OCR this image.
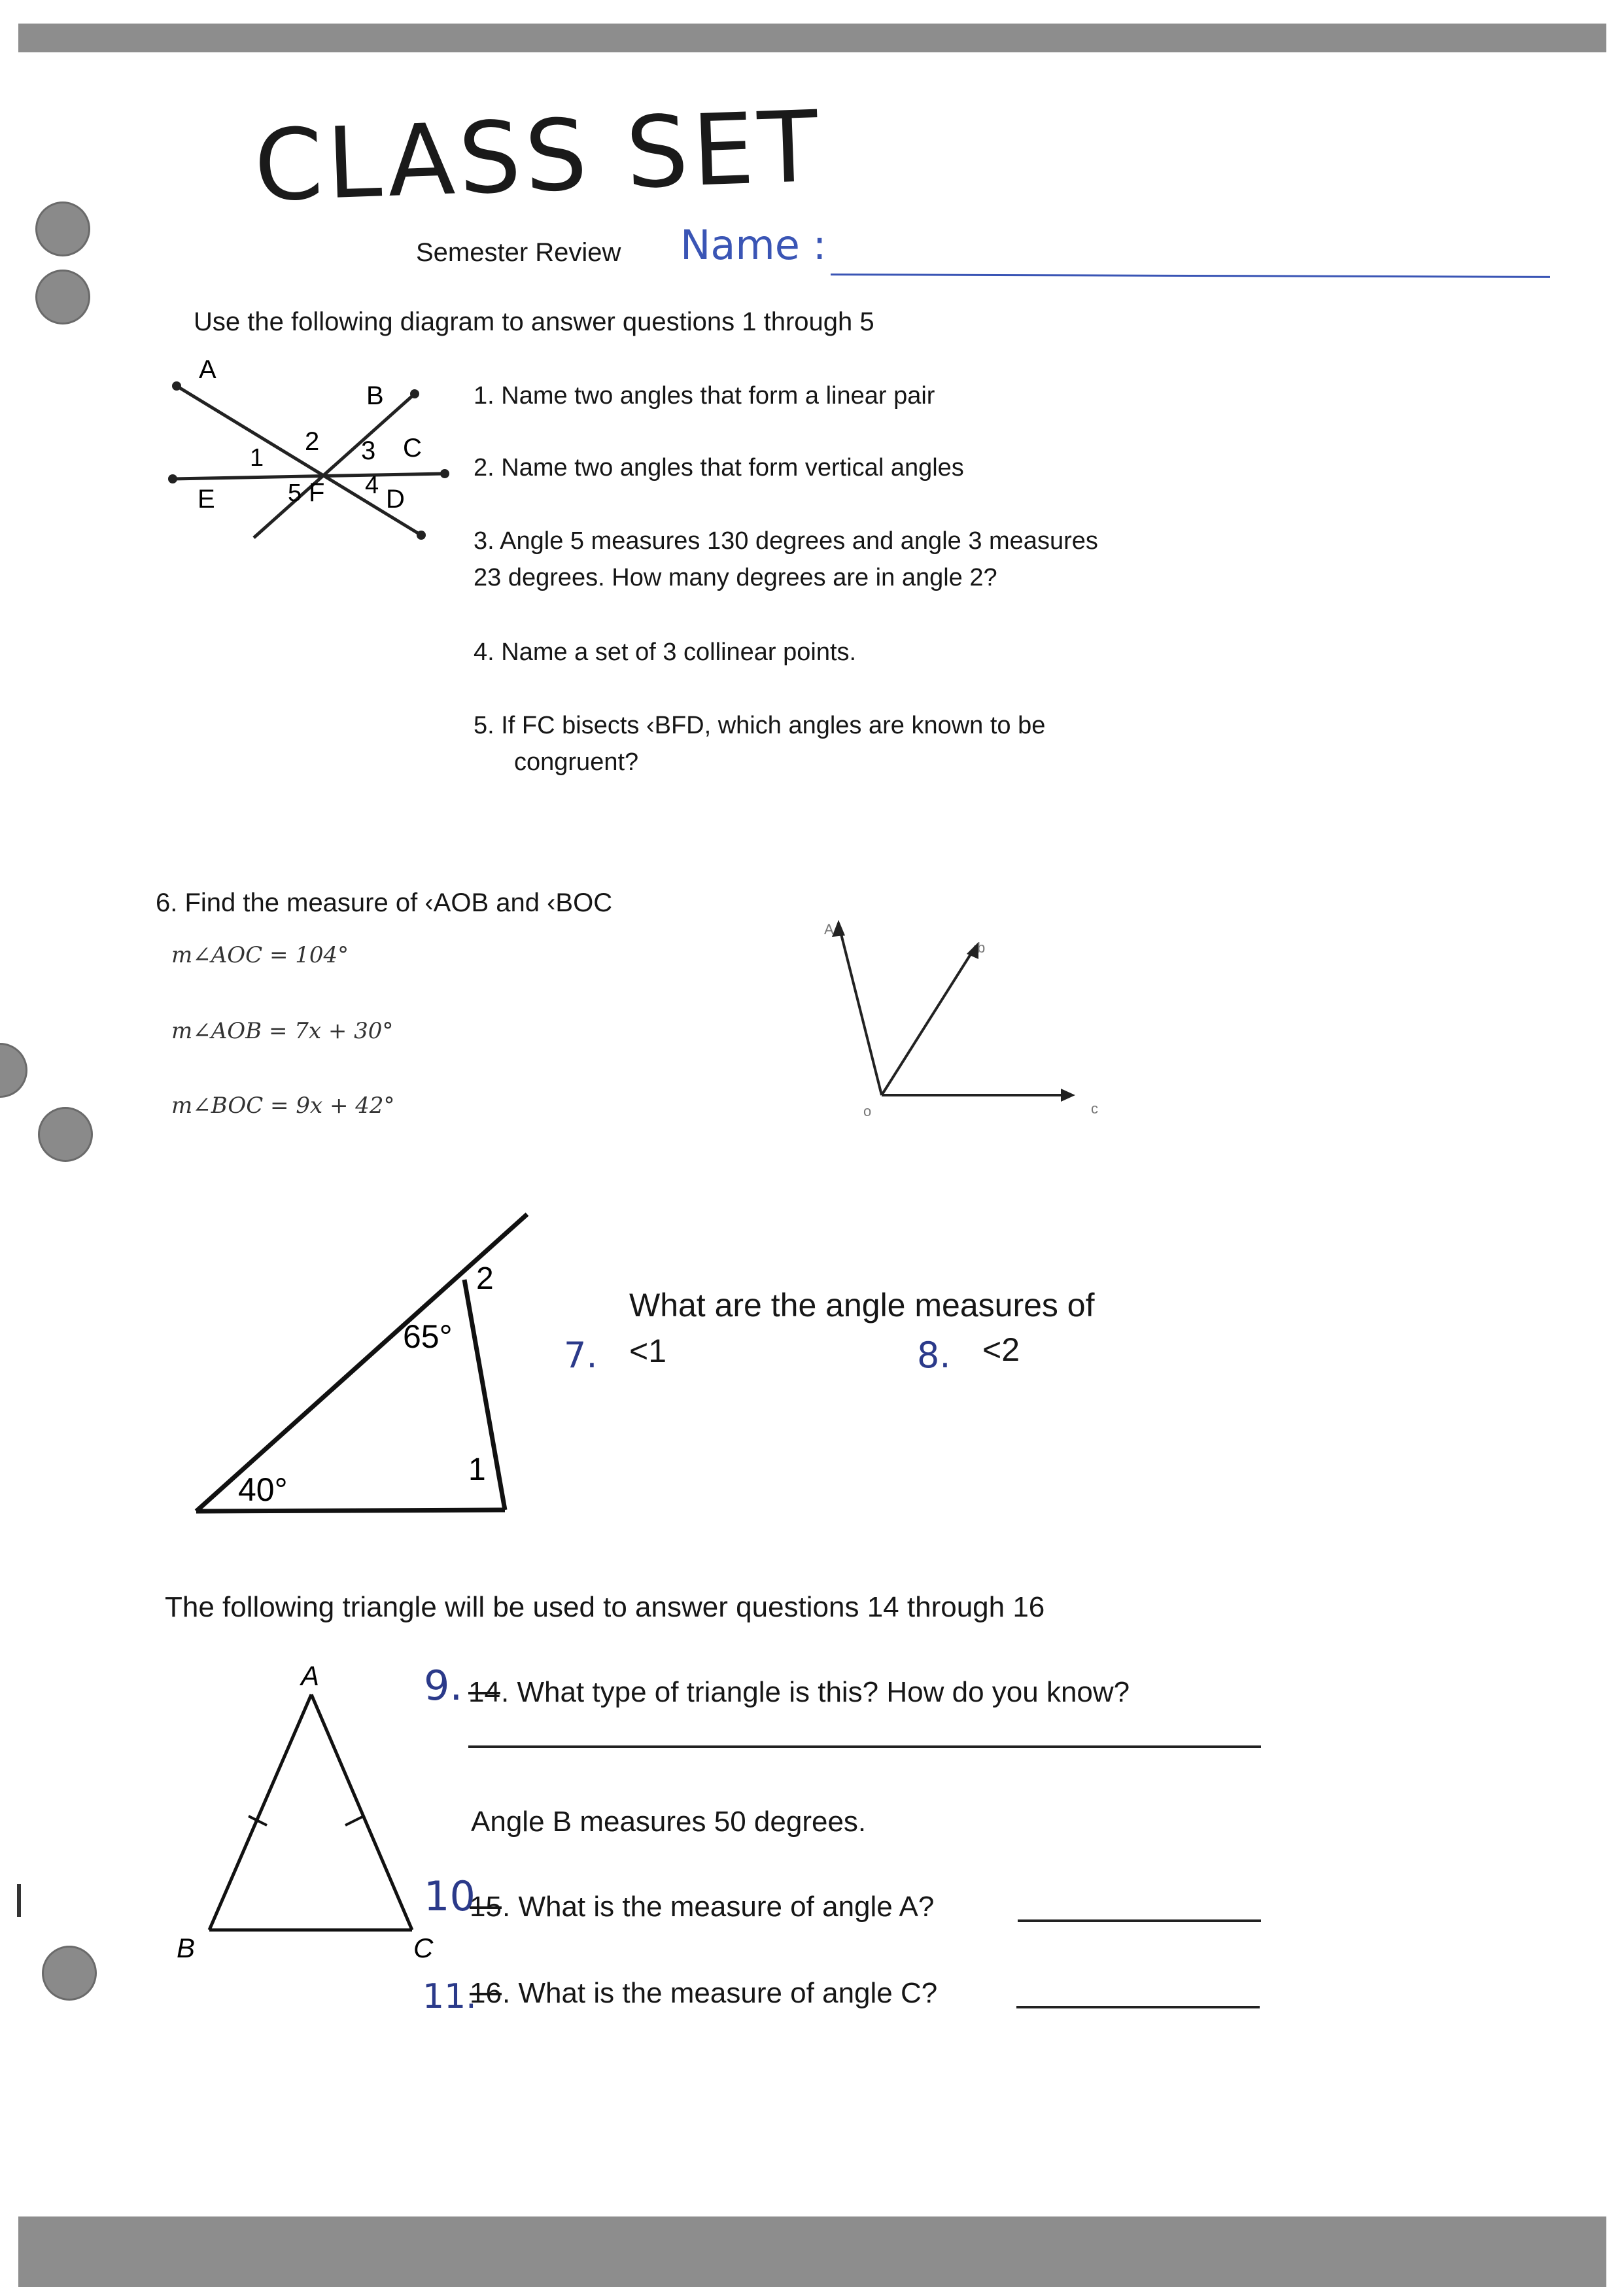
CLASS SET
Semester Review Name :
Use the following diagram to answer questions 1 through 5
A
B
C
D
E	F
1
2 3
4
5
1. Name two angles that form a linear pair
2. Name two angles that form vertical angles
3. Angle 5 measures 130 degrees and angle 3 measures
23 degrees. How many degrees are in angle 2?
4. Name a set of 3 collinear points.
5. If FC bisects ‹BFD, which angles are known to be
congruent?
6. Find the measure of ‹AOB and ‹BOC
m∠AOC = 104°
m∠AOB = 7x + 30°
m∠BOC = 9x + 42°
A
b
o	c
65°
40°
1
2
What are the angle measures of
7. <1	8. <2
The following triangle will be used to answer questions 14 through 16
A
B	C
9. 14 . What type of triangle is this? How do you know?
Angle B measures 50 degrees.
10
15 . What is the measure of angle A?
11.
16 . What is the measure of angle C?
